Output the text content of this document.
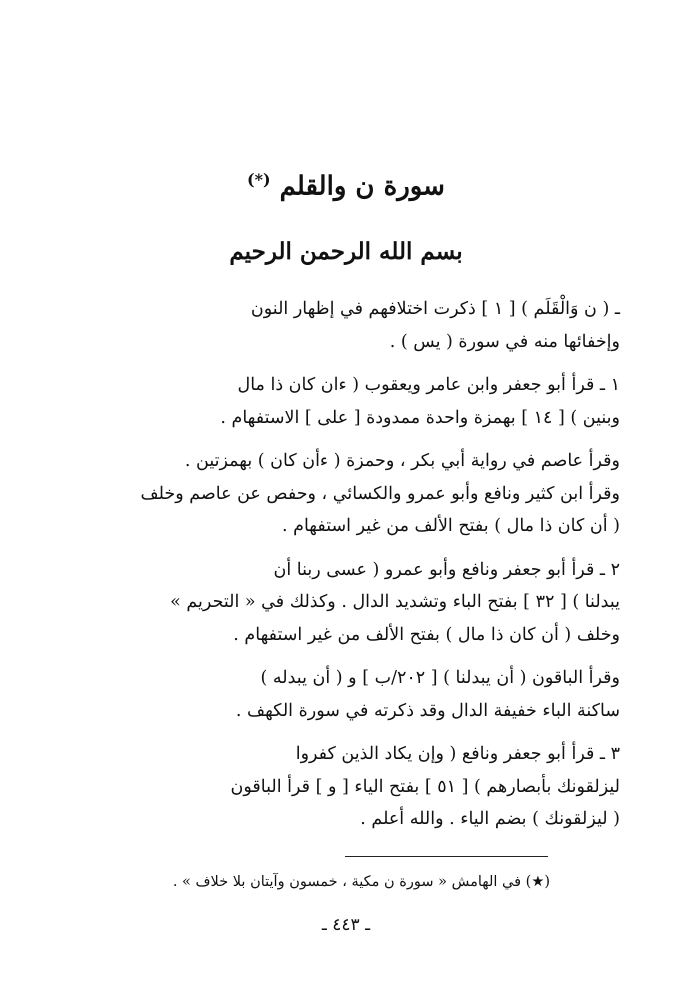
سورة ن والقلم (*)
بسم الله الرحمن الرحيم
ـ ( ن وَالْقَلَم ) [ ١ ] ذكرت اختلافهم في إظهار النون
وإخفائها منه في سورة ( يس ) .
١ ـ قرأ أبو جعفر وابن عامر ويعقوب ( ءان كان ذا مال
وبنين ) [ ١٤ ] بهمزة واحدة ممدودة [ على ] الاستفهام .
وقرأ عاصم في رواية أبي بكر ، وحمزة ( ءأن كان ) بهمزتين .
وقرأ ابن كثير ونافع وأبو عمرو والكسائي ، وحفص عن عاصم وخلف
( أن كان ذا مال ) بفتح الألف من غير استفهام .
٢ ـ قرأ أبو جعفر ونافع وأبو عمرو ( عسى ربنا أن
يبدلنا ) [ ٣٢ ] بفتح الباء وتشديد الدال . وكذلك في « التحريم »
وخلف ( أن كان ذا مال ) بفتح الألف من غير استفهام .
وقرأ الباقون ( أن يبدلنا ) [ ٢٠٢/ب ] و ( أن يبدله )
ساكنة الباء خفيفة الدال وقد ذكرته في سورة الكهف .
٣ ـ قرأ أبو جعفر ونافع ( وإن يكاد الذين كفروا
ليزلقونك بأبصارهم ) [ ٥١ ] بفتح الياء [ و ] قرأ الباقون
( ليزلقونك ) بضم الياء . والله أعلم .
(★) في الهامش « سورة ن مكية ، خمسون وآيتان بلا خلاف » .
ـ ٤٤٣ ـ
